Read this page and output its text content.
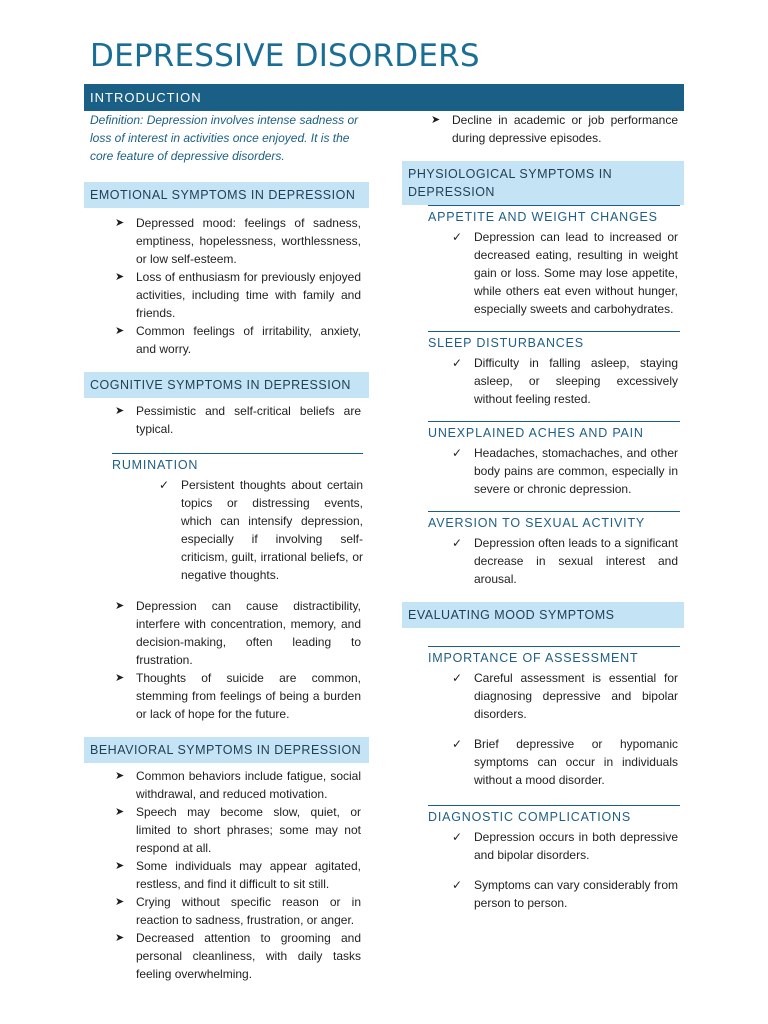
DEPRESSIVE DISORDERS
INTRODUCTION

Definition: Depression involves intense sadness or loss of interest in activities once enjoyed. It is the core feature of depressive disorders.

EMOTIONAL SYMPTOMS IN DEPRESSION
➤ Depressed mood: feelings of sadness, emptiness, hopelessness, worthlessness, or low self-esteem.
➤ Loss of enthusiasm for previously enjoyed activities, including time with family and friends.
➤ Common feelings of irritability, anxiety, and worry.
COGNITIVE SYMPTOMS IN DEPRESSION
➤ Pessimistic and self-critical beliefs are typical.
RUMINATION
✓ Persistent thoughts about certain topics or distressing events, which can intensify depression, especially if involving self-criticism, guilt, irrational beliefs, or negative thoughts.
➤ Depression can cause distractibility, interfere with concentration, memory, and decision-making, often leading to frustration.
➤ Thoughts of suicide are common, stemming from feelings of being a burden or lack of hope for the future.
BEHAVIORAL SYMPTOMS IN DEPRESSION
➤ Common behaviors include fatigue, social withdrawal, and reduced motivation.
➤ Speech may become slow, quiet, or limited to short phrases; some may not respond at all.
➤ Some individuals may appear agitated, restless, and find it difficult to sit still.
➤ Crying without specific reason or in reaction to sadness, frustration, or anger.
➤ Decreased attention to grooming and personal cleanliness, with daily tasks feeling overwhelming.
➤ Decline in academic or job performance during depressive episodes.
PHYSIOLOGICAL SYMPTOMS IN DEPRESSION
APPETITE AND WEIGHT CHANGES
✓ Depression can lead to increased or decreased eating, resulting in weight gain or loss. Some may lose appetite, while others eat even without hunger, especially sweets and carbohydrates.
SLEEP DISTURBANCES
✓ Difficulty in falling asleep, staying asleep, or sleeping excessively without feeling rested.
UNEXPLAINED ACHES AND PAIN
✓ Headaches, stomachaches, and other body pains are common, especially in severe or chronic depression.
AVERSION TO SEXUAL ACTIVITY
✓ Depression often leads to a significant decrease in sexual interest and arousal.
EVALUATING MOOD SYMPTOMS
IMPORTANCE OF ASSESSMENT
✓ Careful assessment is essential for diagnosing depressive and bipolar disorders.
✓ Brief depressive or hypomanic symptoms can occur in individuals without a mood disorder.
DIAGNOSTIC COMPLICATIONS
✓ Depression occurs in both depressive and bipolar disorders.
✓ Symptoms can vary considerably from person to person.
